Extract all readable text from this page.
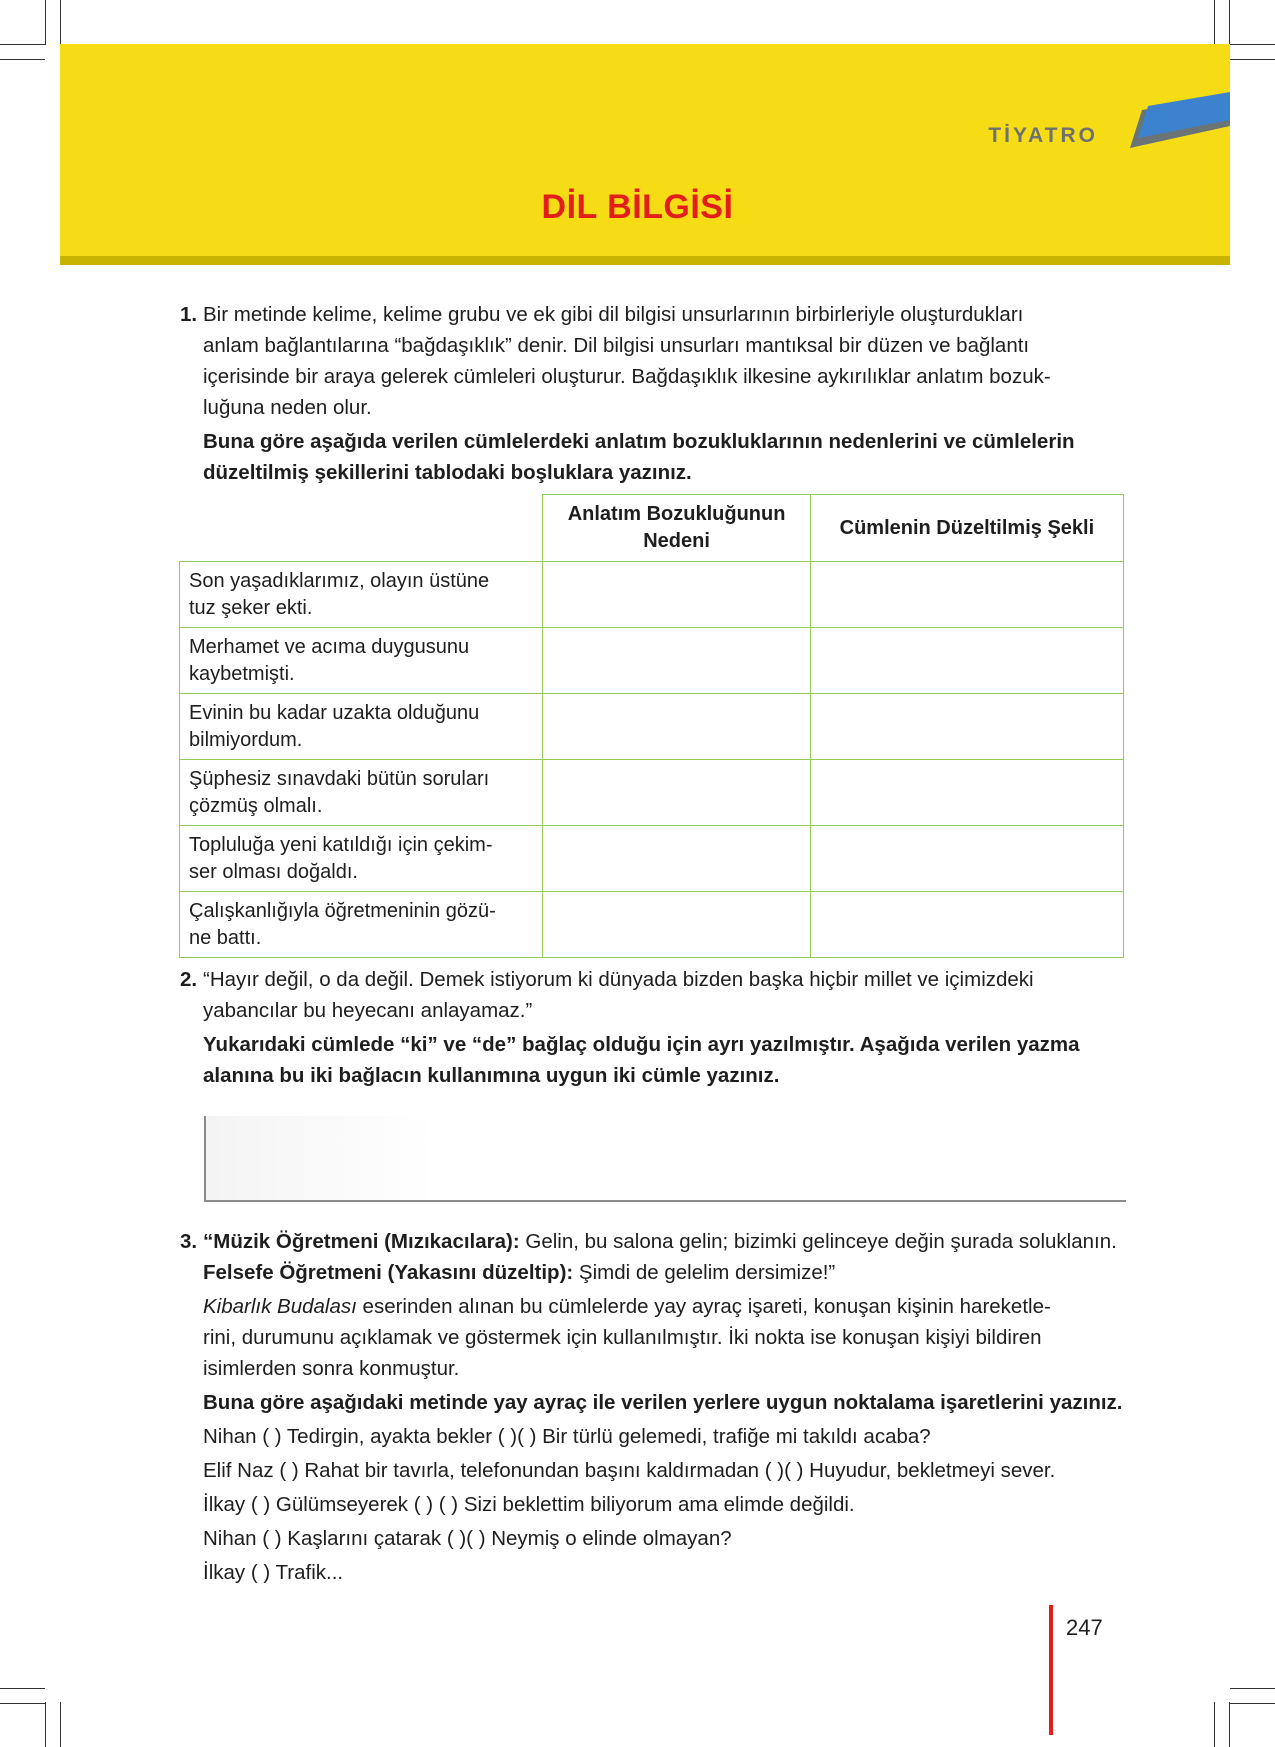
TİYATRO
DİL BİLGİSİ
1. Bir metinde kelime, kelime grubu ve ek gibi dil bilgisi unsurlarının birbirleriyle oluşturdukları

anlam bağlantılarına “bağdaşıklık” denir. Dil bilgisi unsurları mantıksal bir düzen ve bağlantı

içerisinde bir araya gelerek cümleleri oluşturur. Bağdaşıklık ilkesine aykırılıklar anlatım bozuk-

luğuna neden olur.

Buna göre aşağıda verilen cümlelerdeki anlatım bozukluklarının nedenlerini ve cümlelerin

düzeltilmiş şekillerini tablodaki boşluklara yazınız.

	Anlatım Bozukluğunun Nedeni	Cümlenin Düzeltilmiş Şekli

Son yaşadıklarımız, olayın üstüne
tuz şeker ekti.		

Merhamet ve acıma duygusunu
kaybetmişti.		

Evinin bu kadar uzakta olduğunu
bilmiyordum.		

Şüphesiz sınavdaki bütün soruları
çözmüş olmalı.		

Topluluğa yeni katıldığı için çekim-
ser olması doğaldı.		

Çalışkanlığıyla öğretmeninin gözü-
ne battı.		

2. “Hayır değil, o da değil. Demek istiyorum ki dünyada bizden başka hiçbir millet ve içimizdeki

yabancılar bu heyecanı anlayamaz.”

Yukarıdaki cümlede “ki” ve “de” bağlaç olduğu için ayrı yazılmıştır. Aşağıda verilen yazma

alanına bu iki bağlacın kullanımına uygun iki cümle yazınız.

3. “Müzik Öğretmeni (Mızıkacılara): Gelin, bu salona gelin; bizimki gelinceye değin şurada soluklanın.

Felsefe Öğretmeni (Yakasını düzeltip): Şimdi de gelelim dersimize!”

Kibarlık Budalası eserinden alınan bu cümlelerde yay ayraç işareti, konuşan kişinin hareketle-

rini, durumunu açıklamak ve göstermek için kullanılmıştır. İki nokta ise konuşan kişiyi bildiren

isimlerden sonra konmuştur.

Buna göre aşağıdaki metinde yay ayraç ile verilen yerlere uygun noktalama işaretlerini yazınız.

Nihan ( ) Tedirgin, ayakta bekler ( )( ) Bir türlü gelemedi, trafiğe mi takıldı acaba?

Elif Naz ( ) Rahat bir tavırla, telefonundan başını kaldırmadan ( )( ) Huyudur, bekletmeyi sever.

İlkay ( ) Gülümseyerek ( ) ( ) Sizi beklettim biliyorum ama elimde değildi.

Nihan ( ) Kaşlarını çatarak ( )( ) Neymiş o elinde olmayan?

İlkay ( ) Trafik...

247
